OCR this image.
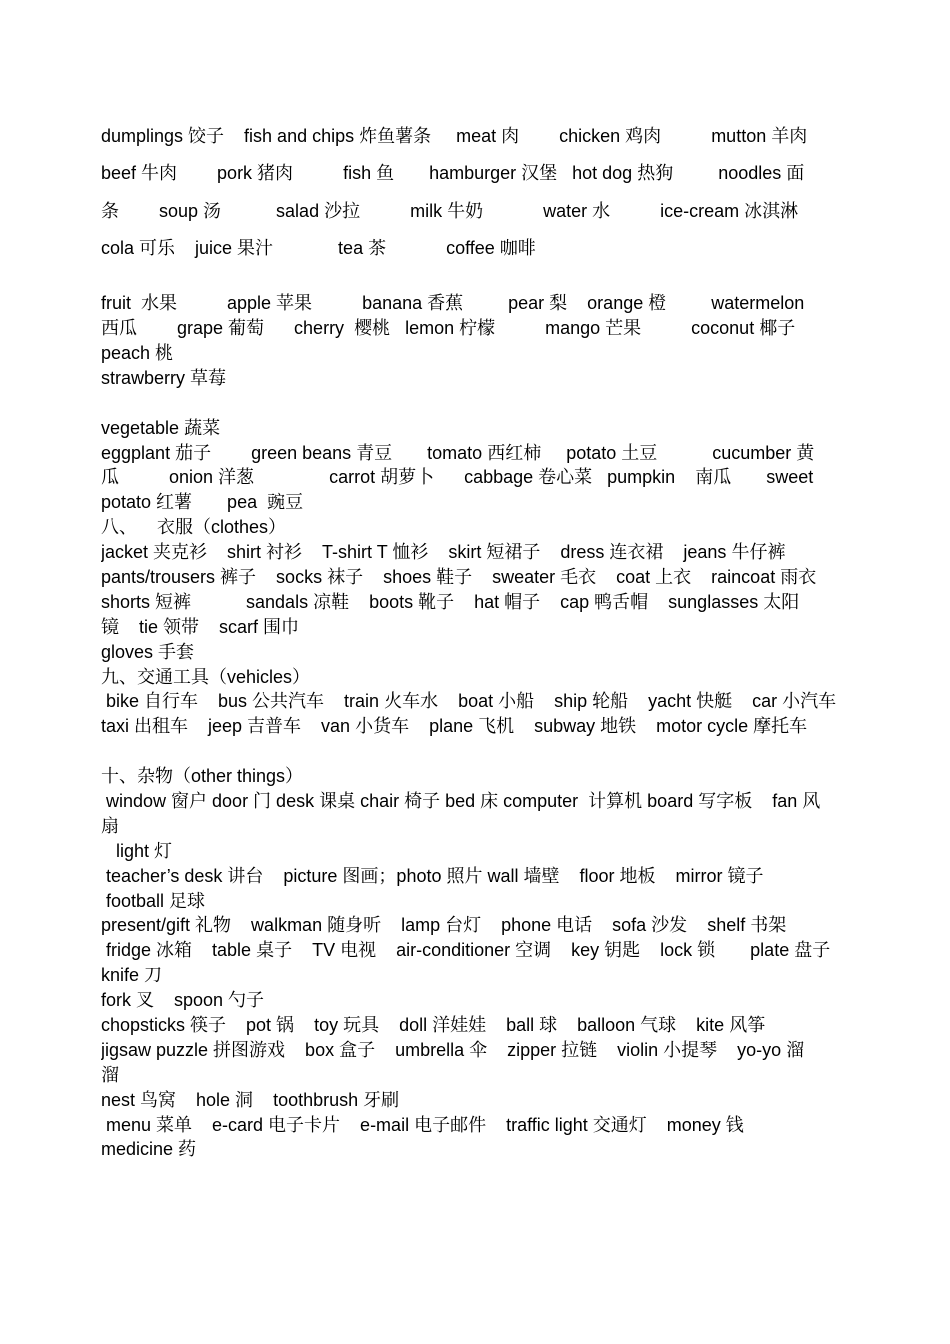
dumplings 饺子    fish and chips 炸鱼薯条     meat 肉        chicken 鸡肉          mutton 羊肉
beef 牛肉        pork 猪肉          fish 鱼       hamburger 汉堡   hot dog 热狗         noodles 面
条        soup 汤           salad 沙拉          milk 牛奶            water 水          ice-cream 冰淇淋
cola 可乐    juice 果汁             tea 茶            coffee 咖啡
fruit  水果          apple 苹果          banana 香蕉         pear 梨    orange 橙         watermelon
西瓜        grape 葡萄      cherry  樱桃   lemon 柠檬          mango 芒果          coconut 椰子
peach 桃
strawberry 草莓
vegetable 蔬菜
eggplant 茄子        green beans 青豆       tomato 西红柿     potato 土豆           cucumber 黄
瓜          onion 洋葱               carrot 胡萝卜      cabbage 卷心菜   pumpkin    南瓜       sweet
potato 红薯       pea  豌豆
八、    衣服（clothes）
jacket 夹克衫    shirt 衬衫    T-shirt T 恤衫    skirt 短裙子    dress 连衣裙    jeans 牛仔裤
pants/trousers 裤子    socks 袜子    shoes 鞋子    sweater 毛衣    coat 上衣    raincoat 雨衣
shorts 短裤           sandals 凉鞋    boots 靴子    hat 帽子    cap 鸭舌帽    sunglasses 太阳
镜    tie 领带    scarf 围巾
gloves 手套
九、交通工具（vehicles）
bike 自行车    bus 公共汽车    train 火车水    boat 小船    ship 轮船    yacht 快艇    car 小汽车
taxi 出租车    jeep 吉普车    van 小货车    plane 飞机    subway 地铁    motor cycle 摩托车
十、杂物（other things）
window 窗户 door 门 desk 课桌 chair 椅子 bed 床 computer  计算机 board 写字板    fan 风
扇
light 灯
teacher’s desk 讲台    picture 图画；photo 照片 wall 墙壁    floor 地板    mirror 镜子
football 足球
present/gift 礼物    walkman 随身听    lamp 台灯    phone 电话    sofa 沙发    shelf 书架
fridge 冰箱    table 桌子    TV 电视    air-conditioner 空调    key 钥匙    lock 锁       plate 盘子
knife 刀
fork 叉    spoon 勺子
chopsticks 筷子    pot 锅    toy 玩具    doll 洋娃娃    ball 球    balloon 气球    kite 风筝
jigsaw puzzle 拼图游戏    box 盒子    umbrella 伞    zipper 拉链    violin 小提琴    yo-yo 溜
溜
nest 鸟窝    hole 洞    toothbrush 牙刷
menu 菜单    e-card 电子卡片    e-mail 电子邮件    traffic light 交通灯    money 钱
medicine 药
